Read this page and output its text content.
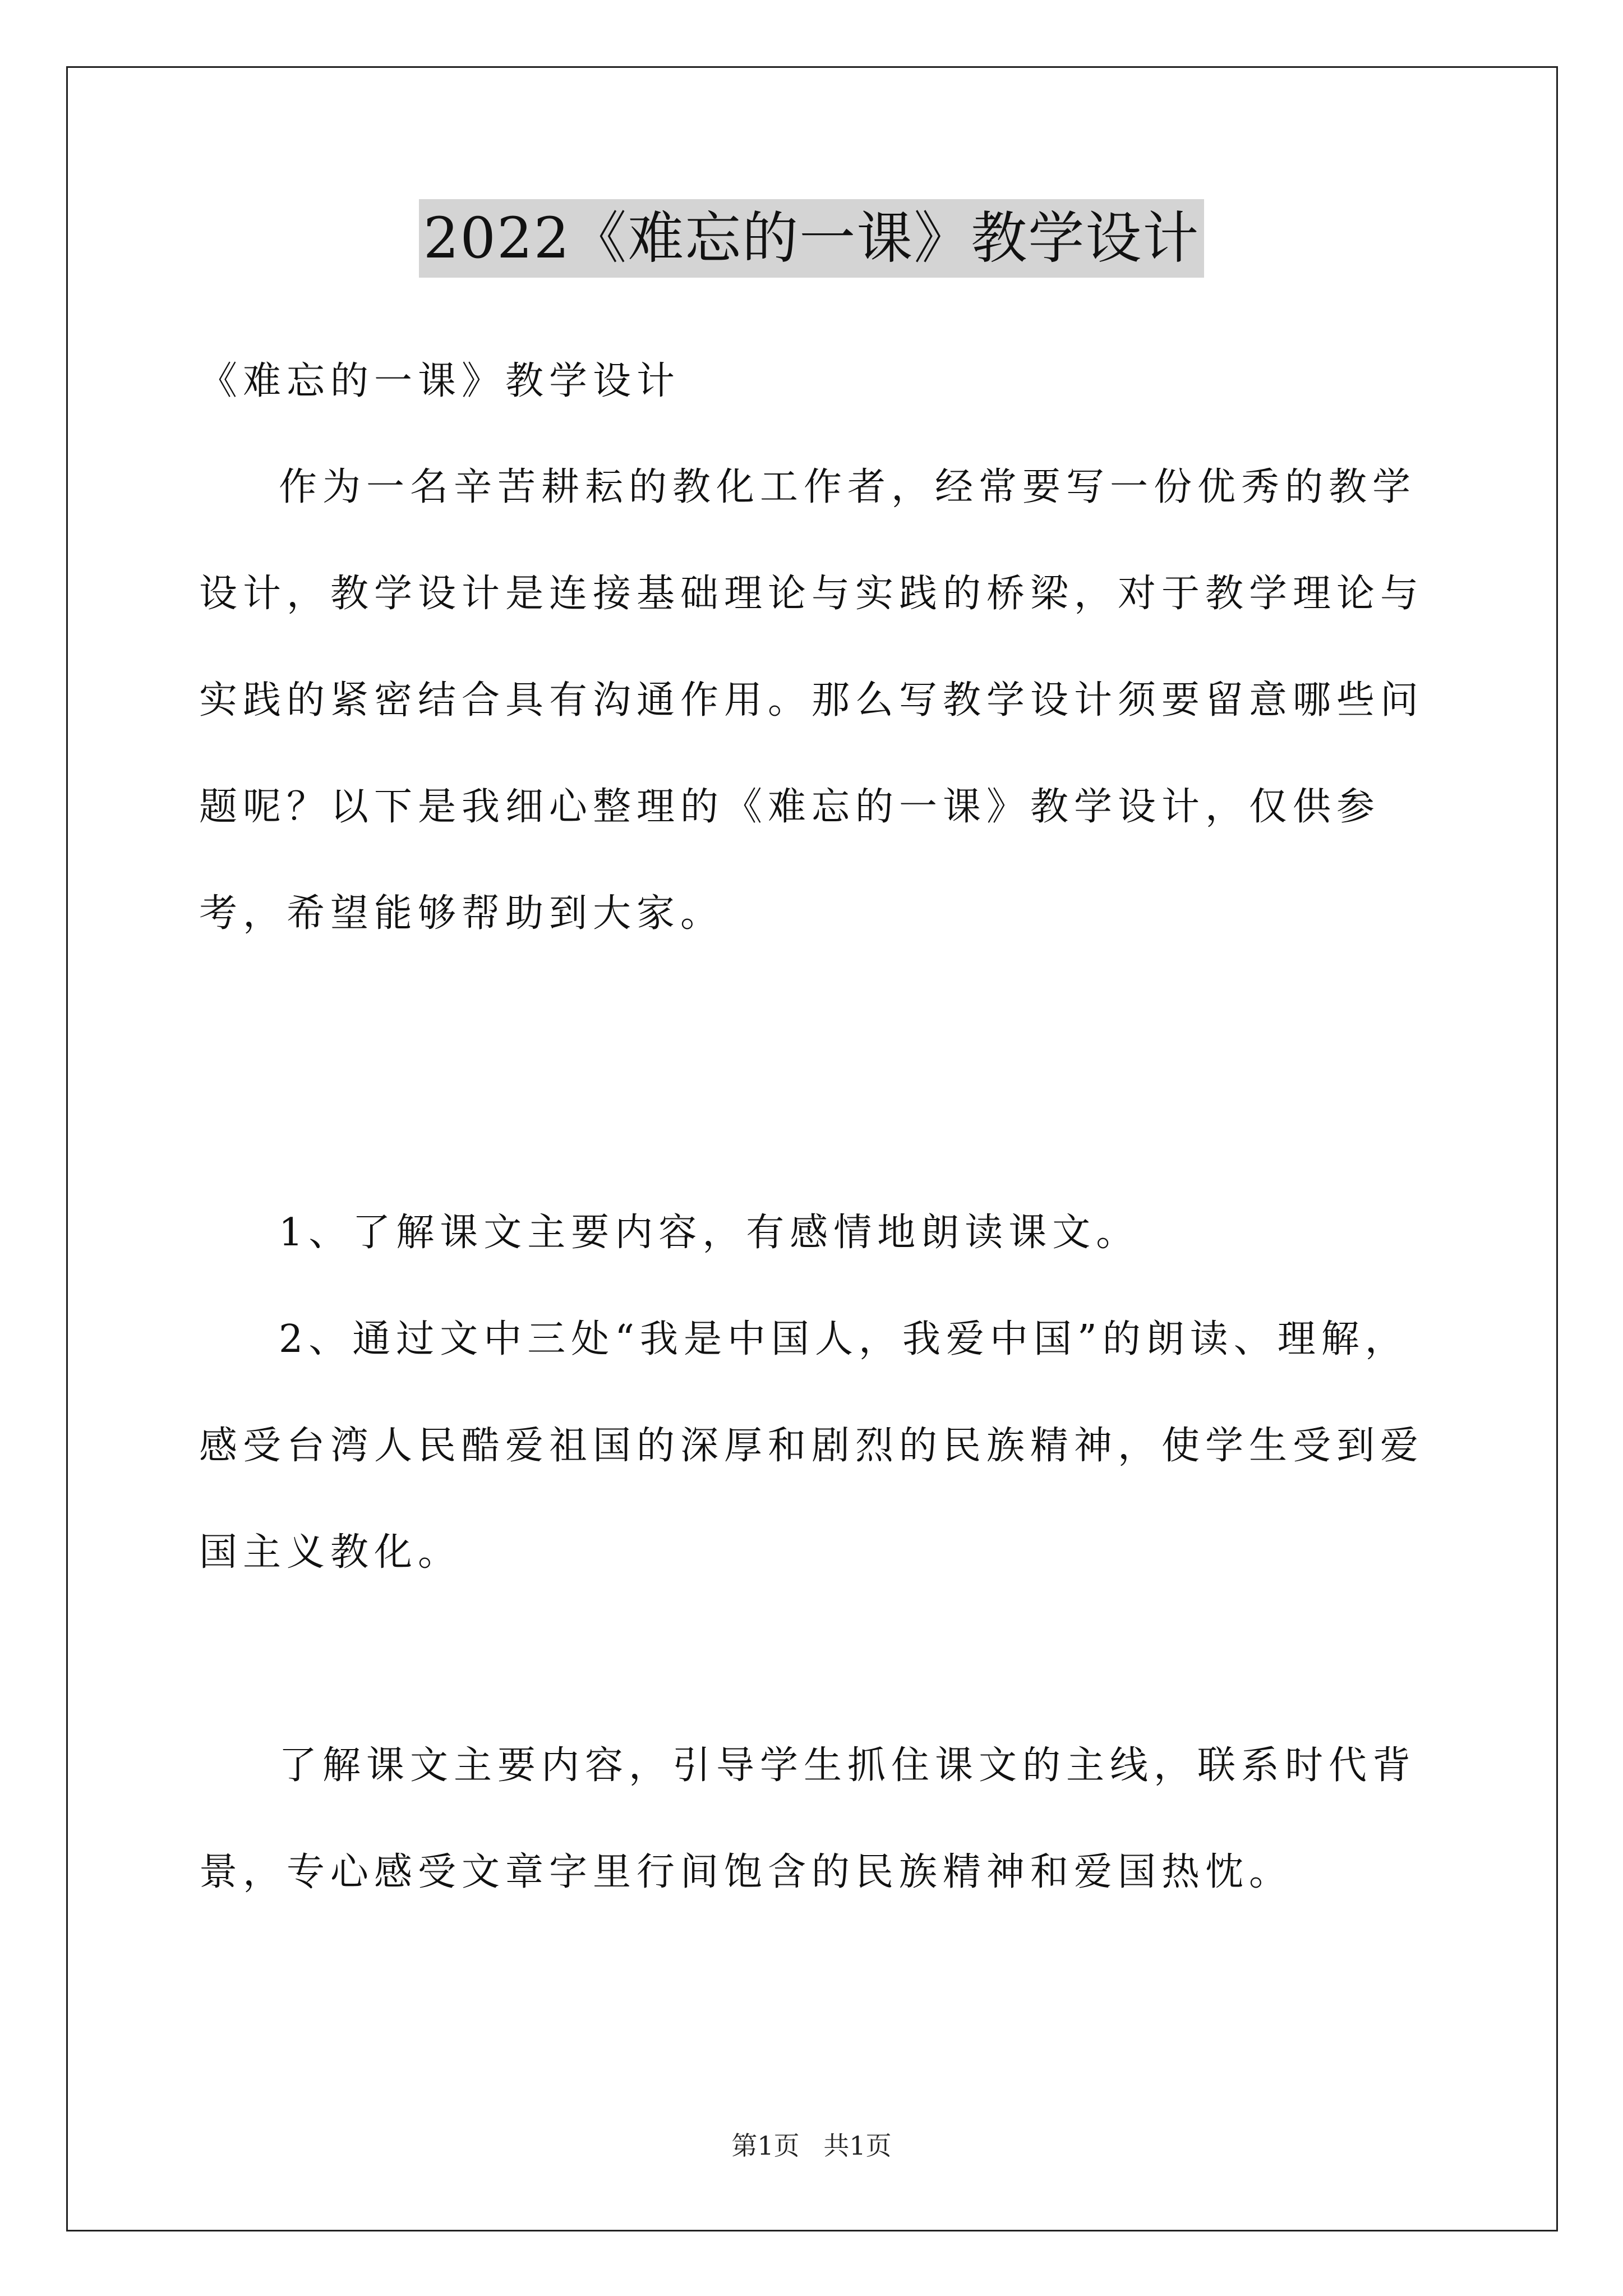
2022《难忘的一课》教学设计

《难忘的一课》教学设计

作为一名辛苦耕耘的教化工作者，经常要写一份优秀的教学设计，教学设计是连接基础理论与实践的桥梁，对于教学理论与实践的紧密结合具有沟通作用。那么写教学设计须要留意哪些问题呢？以下是我细心整理的《难忘的一课》教学设计，仅供参考，希望能够帮助到大家。

1、了解课文主要内容，有感情地朗读课文。

2、通过文中三处“我是中国人，我爱中国”的朗读、理解，感受台湾人民酷爱祖国的深厚和剧烈的民族精神，使学生受到爱国主义教化。

了解课文主要内容，引导学生抓住课文的主线，联系时代背景，专心感受文章字里行间饱含的民族精神和爱国热忱。

第1页 共1页
